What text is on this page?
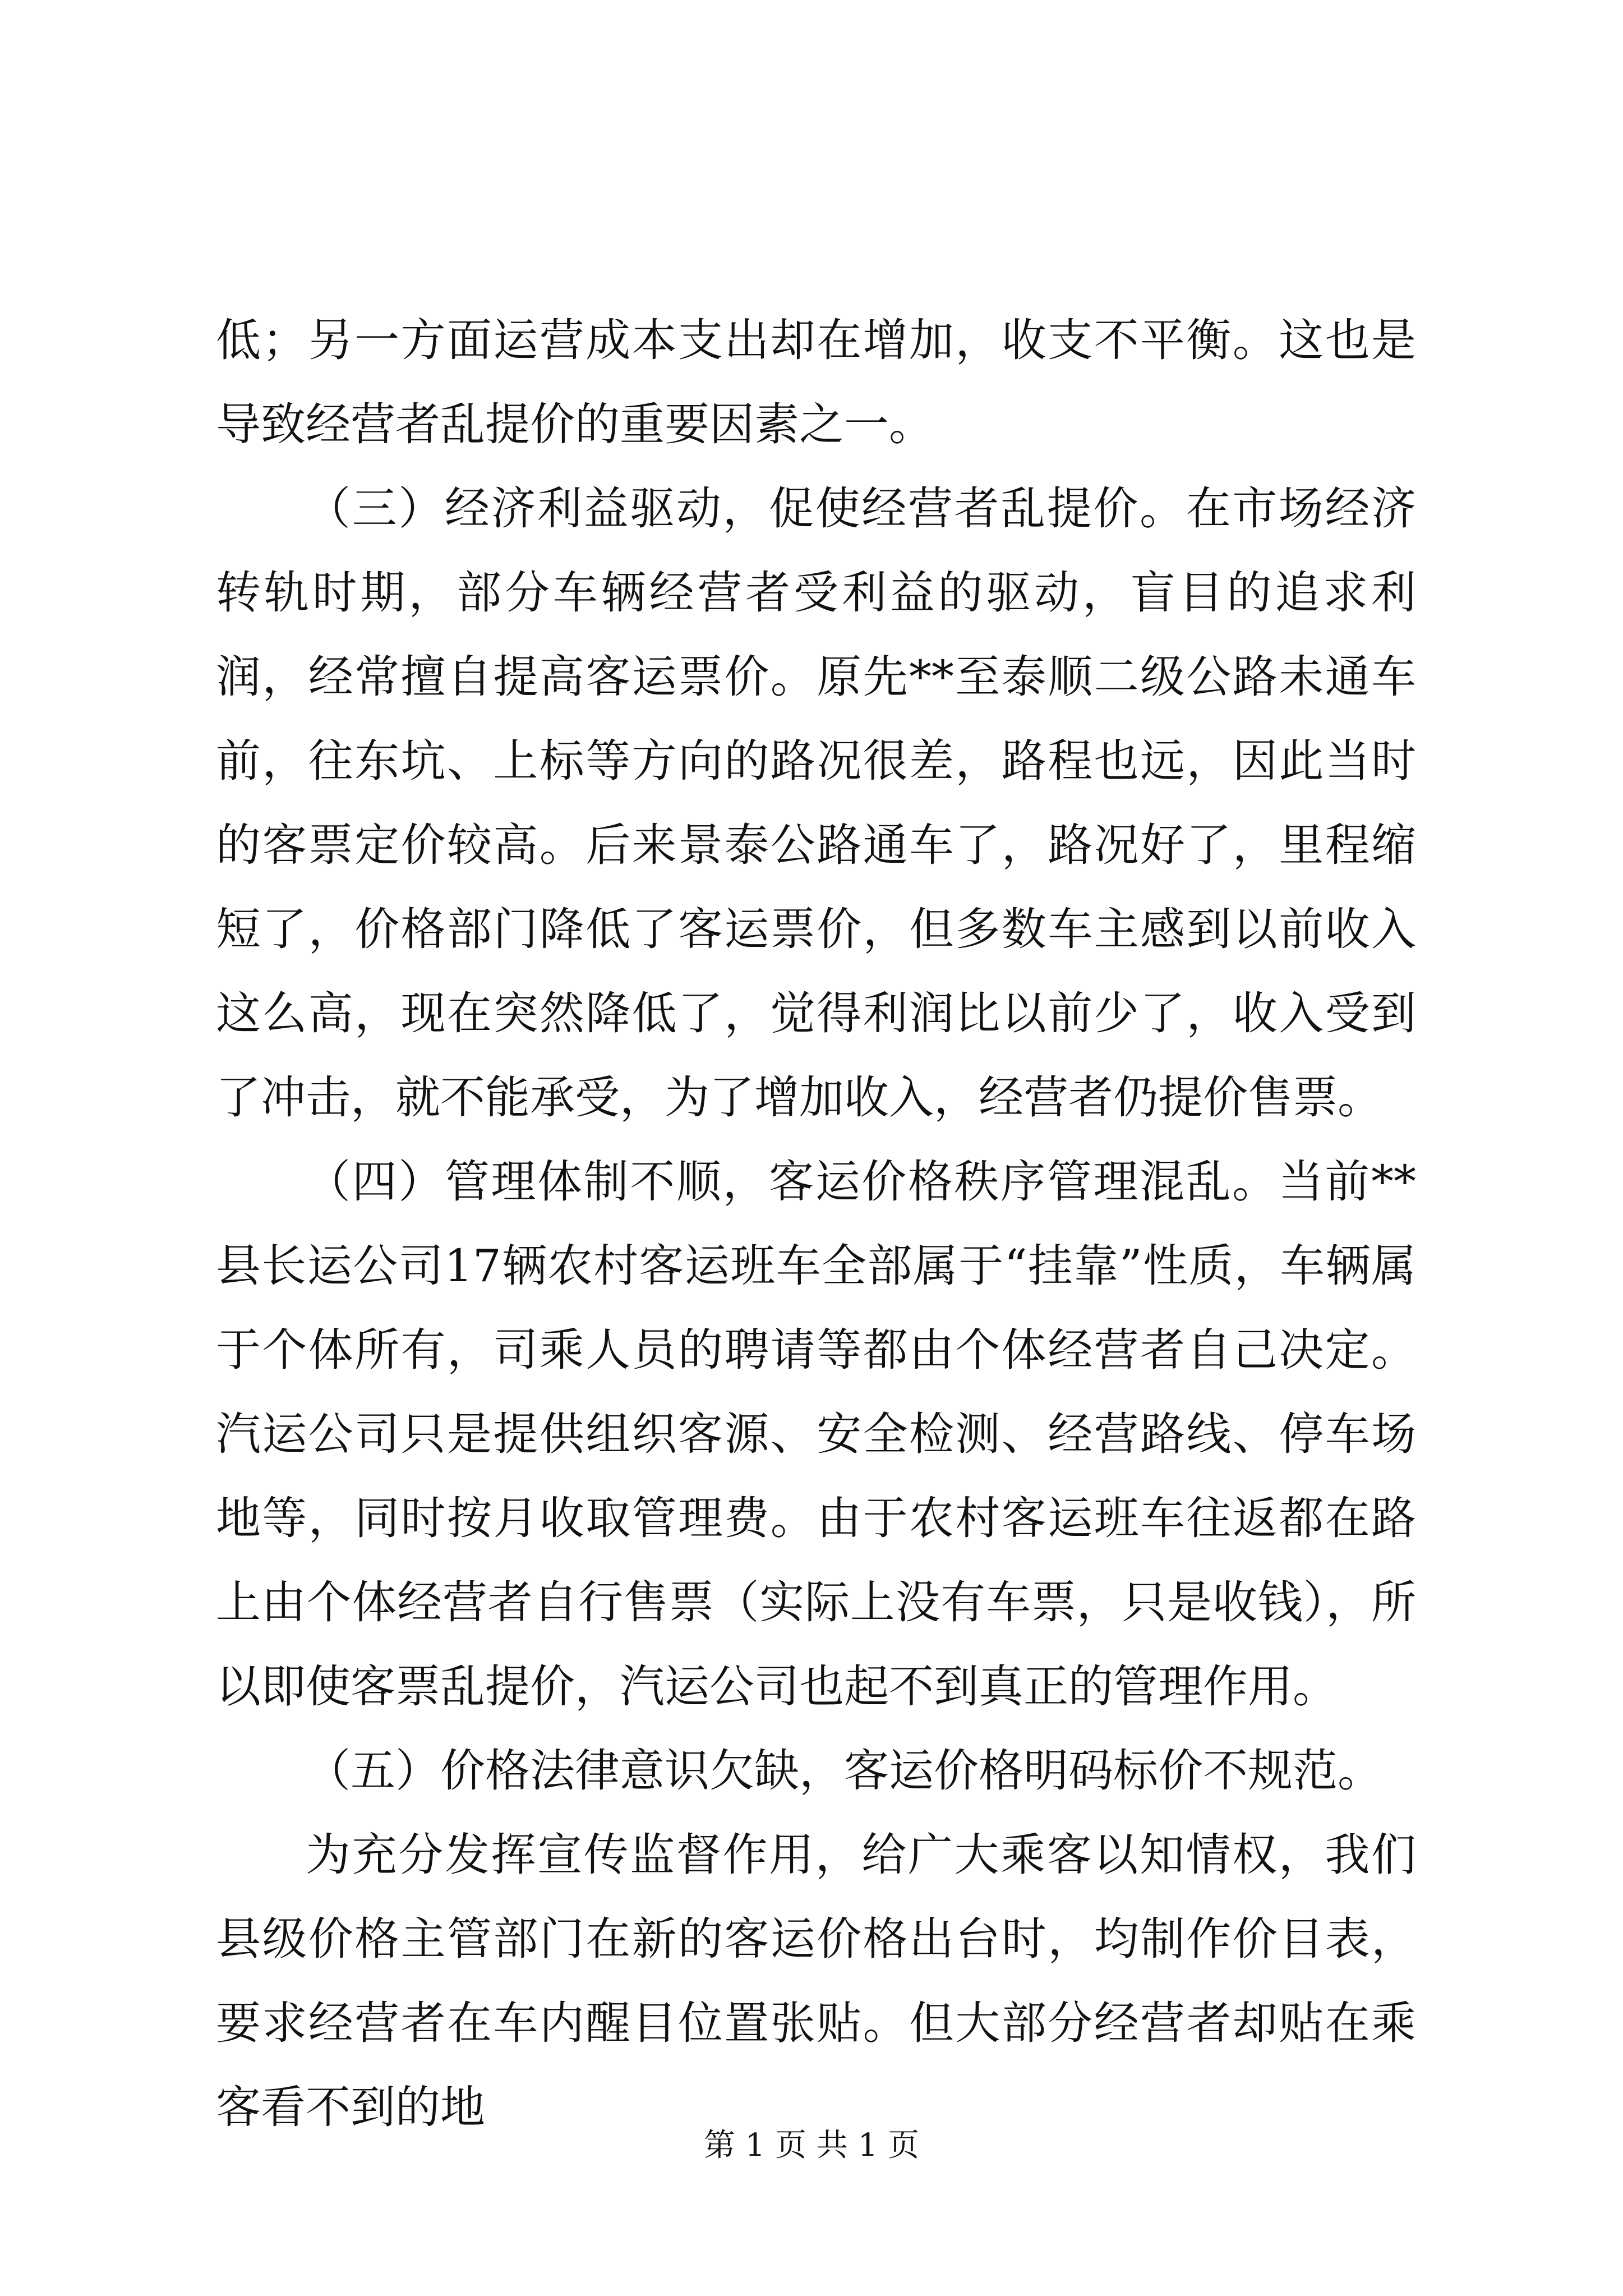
低；另一方面运营成本支出却在增加，收支不平衡。这也是导致经营者乱提价的重要因素之一。

（三）经济利益驱动，促使经营者乱提价。在市场经济转轨时期，部分车辆经营者受利益的驱动，盲目的追求利润，经常擅自提高客运票价。原先**至泰顺二级公路未通车前，往东坑、上标等方向的路况很差，路程也远，因此当时的客票定价较高。后来景泰公路通车了，路况好了，里程缩短了，价格部门降低了客运票价，但多数车主感到以前收入这么高，现在突然降低了，觉得利润比以前少了，收入受到了冲击，就不能承受，为了增加收入，经营者仍提价售票。

（四）管理体制不顺，客运价格秩序管理混乱。当前**县长运公司17辆农村客运班车全部属于“挂靠”性质，车辆属于个体所有，司乘人员的聘请等都由个体经营者自己决定。汽运公司只是提供组织客源、安全检测、经营路线、停车场地等，同时按月收取管理费。由于农村客运班车往返都在路上由个体经营者自行售票（实际上没有车票，只是收钱），所以即使客票乱提价，汽运公司也起不到真正的管理作用。

（五）价格法律意识欠缺，客运价格明码标价不规范。

为充分发挥宣传监督作用，给广大乘客以知情权，我们县级价格主管部门在新的客运价格出台时，均制作价目表，要求经营者在车内醒目位置张贴。但大部分经营者却贴在乘客看不到的地

第 1 页 共 1 页
